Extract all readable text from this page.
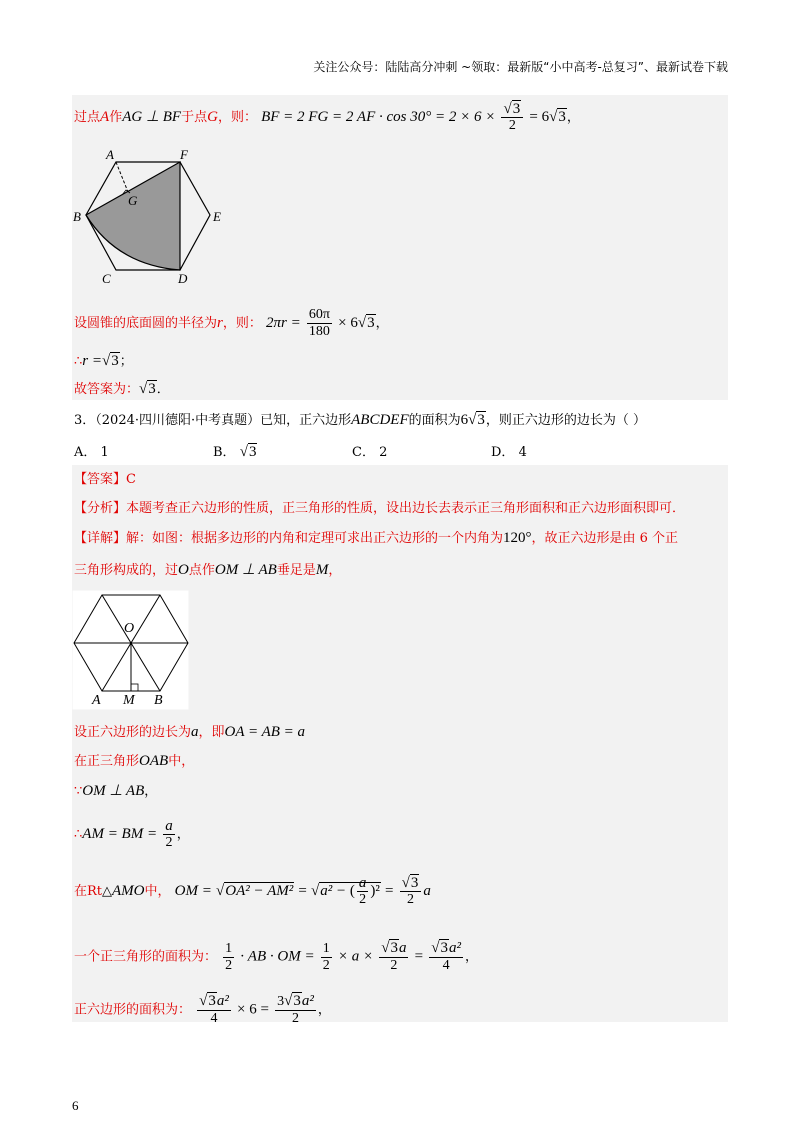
关注公众号：陆陆高分冲刺 ~领取：最新版“小中高考-总复习”、最新试卷下载
过点A作AG ⊥ BF于点G，则： BF = 2 FG = 2 AF · $\cos 30^\circ = 2 \times 6 \times \frac{√3}{2} = 6√3$，
A	F
G
B	E
C	D
设圆锥的底面圆的半径为r，则： $2\pi r = \frac{60\pi}{180} \times 6√3$，
∴r =√3；
故答案为：√3．
3．（2024·四川德阳·中考真题）已知，正六边形ABCDEF的面积为6√3，则正六边形的边长为（ ）
A． 1	B． √3	C． 2	D． 4
【答案】C
【分析】本题考查正六边形的性质，正三角形的性质，设出边长去表示正三角形面积和正六边形面积即可．
【详解】解：如图：根据多边形的内角和定理可求出正六边形的一个内角为120°，故正六边形是由 6 个正
三角形构成的，过O点作OM ⊥ AB垂足是M，
O
A M B
设正六边形的边长为a，即OA = AB = a
在正三角形OAB中，
∵OM ⊥ AB，
∴AM = BM = $\frac{a}{2}$ ，
在Rt△AMO中， OM = √OA² − AM² = √a² − ( $\frac{a}{2} )^2 = \frac{√3}{2}$ a
一个正三角形的面积为： $\frac{1}{2}$ · AB · OM = $\frac{1}{2} \times a \times \frac{√3a}{2} = \frac{\text{√3a²}}{4}$ ，
正六边形的面积为： $\frac{\text{√3a²}}{4} \times 6 = \frac{\text{3√3a²}}{2}$ ，
6
